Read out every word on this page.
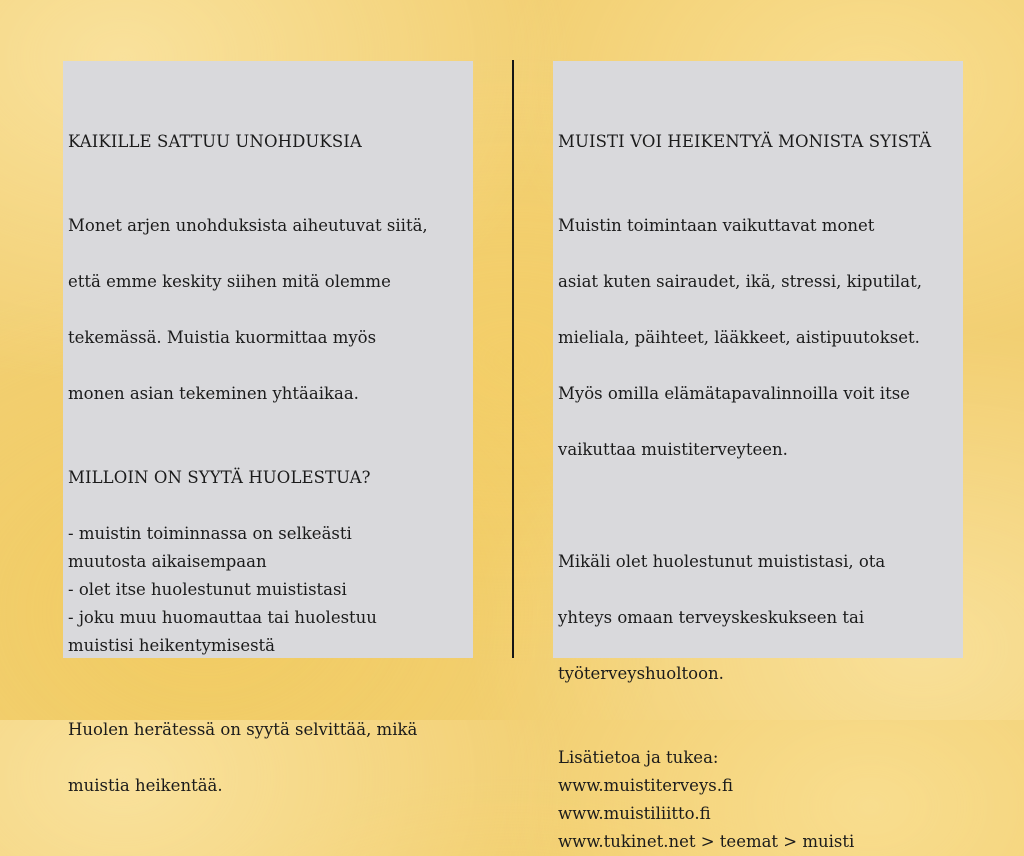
KAIKILLE SATTUU UNOHDUKSIA

Monet arjen unohduksista aiheutuvat siitä,

että emme keskity siihen mitä olemme

tekemässä. Muistia kuormittaa myös

monen asian tekeminen yhtäaikaa.

MILLOIN ON SYYTÄ HUOLESTUA?
- muistin toiminnassa on selkeästi
muutosta aikaisempaan
- olet itse huolestunut muististasi
- joku muu huomauttaa tai huolestuu
muistisi heikentymisestä

Huolen herätessä on syytä selvittää, mikä

muistia heikentää.

MUISTI VOI HEIKENTYÄ MONISTA SYISTÄ

Muistin toimintaan vaikuttavat monet

asiat kuten sairaudet, ikä, stressi, kiputilat,

mieliala, päihteet, lääkkeet, aistipuutokset.

Myös omilla elämätapavalinnoilla voit itse

vaikuttaa muistiterveyteen.

Mikäli olet huolestunut muististasi, ota

yhteys omaan terveyskeskukseen tai

työterveyshuoltoon.

Lisätietoa ja tukea:
www.muistiterveys.fi
www.muistiliitto.fi
www.tukinet.net > teemat > muisti
